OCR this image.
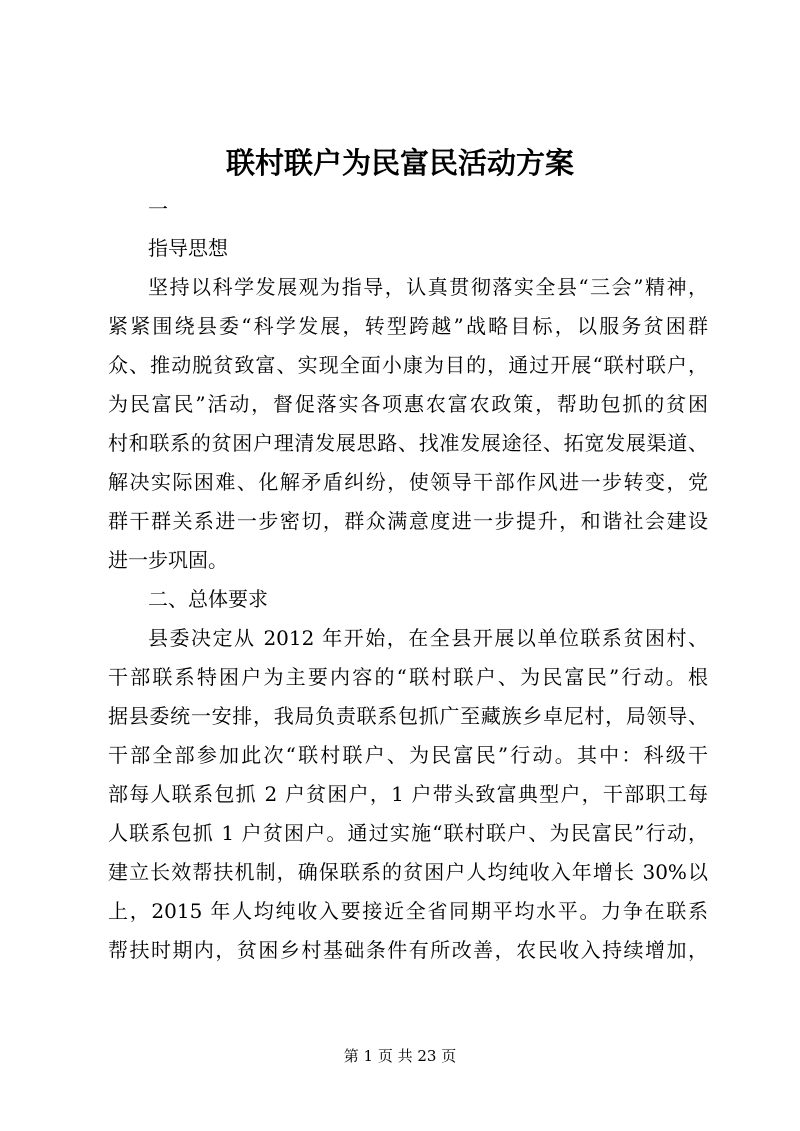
联村联户为民富民活动方案
一
指导思想
坚持以科学发展观为指导，认真贯彻落实全县“三会”精神，
紧紧围绕县委“科学发展，转型跨越”战略目标，以服务贫困群
众、推动脱贫致富、实现全面小康为目的，通过开展“联村联户，
为民富民”活动，督促落实各项惠农富农政策，帮助包抓的贫困
村和联系的贫困户理清发展思路、找准发展途径、拓宽发展渠道、
解决实际困难、化解矛盾纠纷，使领导干部作风进一步转变，党
群干群关系进一步密切，群众满意度进一步提升，和谐社会建设
进一步巩固。
二、总体要求
县委决定从 2012 年开始，在全县开展以单位联系贫困村、
干部联系特困户为主要内容的“联村联户、为民富民”行动。根
据县委统一安排，我局负责联系包抓广至藏族乡卓尼村，局领导、
干部全部参加此次“联村联户、为民富民”行动。其中：科级干
部每人联系包抓 2 户贫困户，1 户带头致富典型户，干部职工每
人联系包抓 1 户贫困户。通过实施“联村联户、为民富民”行动，
建立长效帮扶机制，确保联系的贫困户人均纯收入年增长 30%以
上，2015 年人均纯收入要接近全省同期平均水平。力争在联系
帮扶时期内，贫困乡村基础条件有所改善，农民收入持续增加，
第 1 页 共 23 页
